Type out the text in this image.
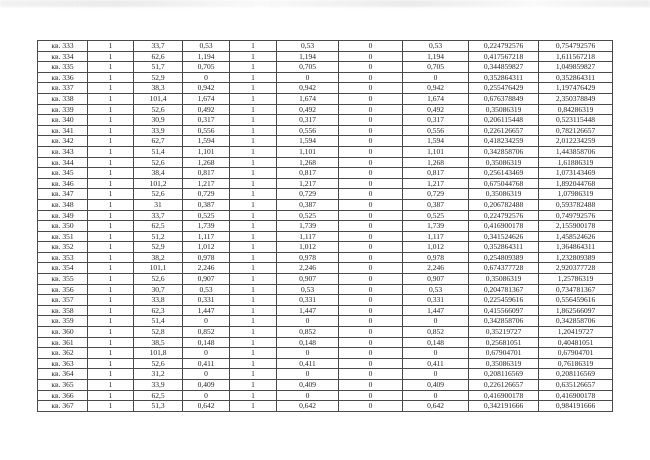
кв. 333	1	33,7	0,53	1	0,53	0	0,53	0,224792576	0,754792576
кв. 334	1	62,6	1,194	1	1,194	0	1,194	0,417567218	1,611567218
кв. 335	1	51,7	0,705	1	0,705	0	0,705	0,344859827	1,049859827
кв. 336	1	52,9	0	1	0	0	0	0,352864311	0,352864311
кв. 337	1	38,3	0,942	1	0,942	0	0,942	0,255476429	1,197476429
кв. 338	1	101,4	1,674	1	1,674	0	1,674	0,676378849	2,350378849
кв. 339	1	52,6	0,492	1	0,492	0	0,492	0,35086319	0,84286319
кв. 340	1	30,9	0,317	1	0,317	0	0,317	0,206115448	0,523115448
кв. 341	1	33,9	0,556	1	0,556	0	0,556	0,226126657	0,782126657
кв. 342	1	62,7	1,594	1	1,594	0	1,594	0,418234259	2,012234259
кв. 343	1	51,4	1,101	1	1,101	0	1,101	0,342858706	1,443858706
кв. 344	1	52,6	1,268	1	1,268	0	1,268	0,35086319	1,61886319
кв. 345	1	38,4	0,817	1	0,817	0	0,817	0,256143469	1,073143469
кв. 346	1	101,2	1,217	1	1,217	0	1,217	0,675044768	1,892044768
кв. 347	1	52,6	0,729	1	0,729	0	0,729	0,35086319	1,07986319
кв. 348	1	31	0,387	1	0,387	0	0,387	0,206782488	0,593782488
кв. 349	1	33,7	0,525	1	0,525	0	0,525	0,224792576	0,749792576
кв. 350	1	62,5	1,739	1	1,739	0	1,739	0,416900178	2,155900178
кв. 351	1	51,2	1,117	1	1,117	0	1,117	0,341524626	1,458524626
кв. 352	1	52,9	1,012	1	1,012	0	1,012	0,352864311	1,364864311
кв. 353	1	38,2	0,978	1	0,978	0	0,978	0,254809389	1,232809389
кв. 354	1	101,1	2,246	1	2,246	0	2,246	0,674377728	2,920377728
кв. 355	1	52,6	0,907	1	0,907	0	0,907	0,35086319	1,25786319
кв. 356	1	30,7	0,53	1	0,53	0	0,53	0,204781367	0,734781367
кв. 357	1	33,8	0,331	1	0,331	0	0,331	0,225459616	0,556459616
кв. 358	1	62,3	1,447	1	1,447	0	1,447	0,415566097	1,862566097
кв. 359	1	51,4	0	1	0	0	0	0,342858706	0,342858706
кв. 360	1	52,8	0,852	1	0,852	0	0,852	0,35219727	1,20419727
кв. 361	1	38,5	0,148	1	0,148	0	0,148	0,25681051	0,40481051
кв. 362	1	101,8	0	1	0	0	0	0,67904701	0,67904701
кв. 363	1	52,6	0,411	1	0,411	0	0,411	0,35086319	0,76186319
кв. 364	1	31,2	0	1	0	0	0	0,208116569	0,208116569
кв. 365	1	33,9	0,409	1	0,409	0	0,409	0,226126657	0,635126657
кв. 366	1	62,5	0	1	0	0	0	0,416900178	0,416900178
кв. 367	1	51,3	0,642	1	0,642	0	0,642	0,342191666	0,984191666
